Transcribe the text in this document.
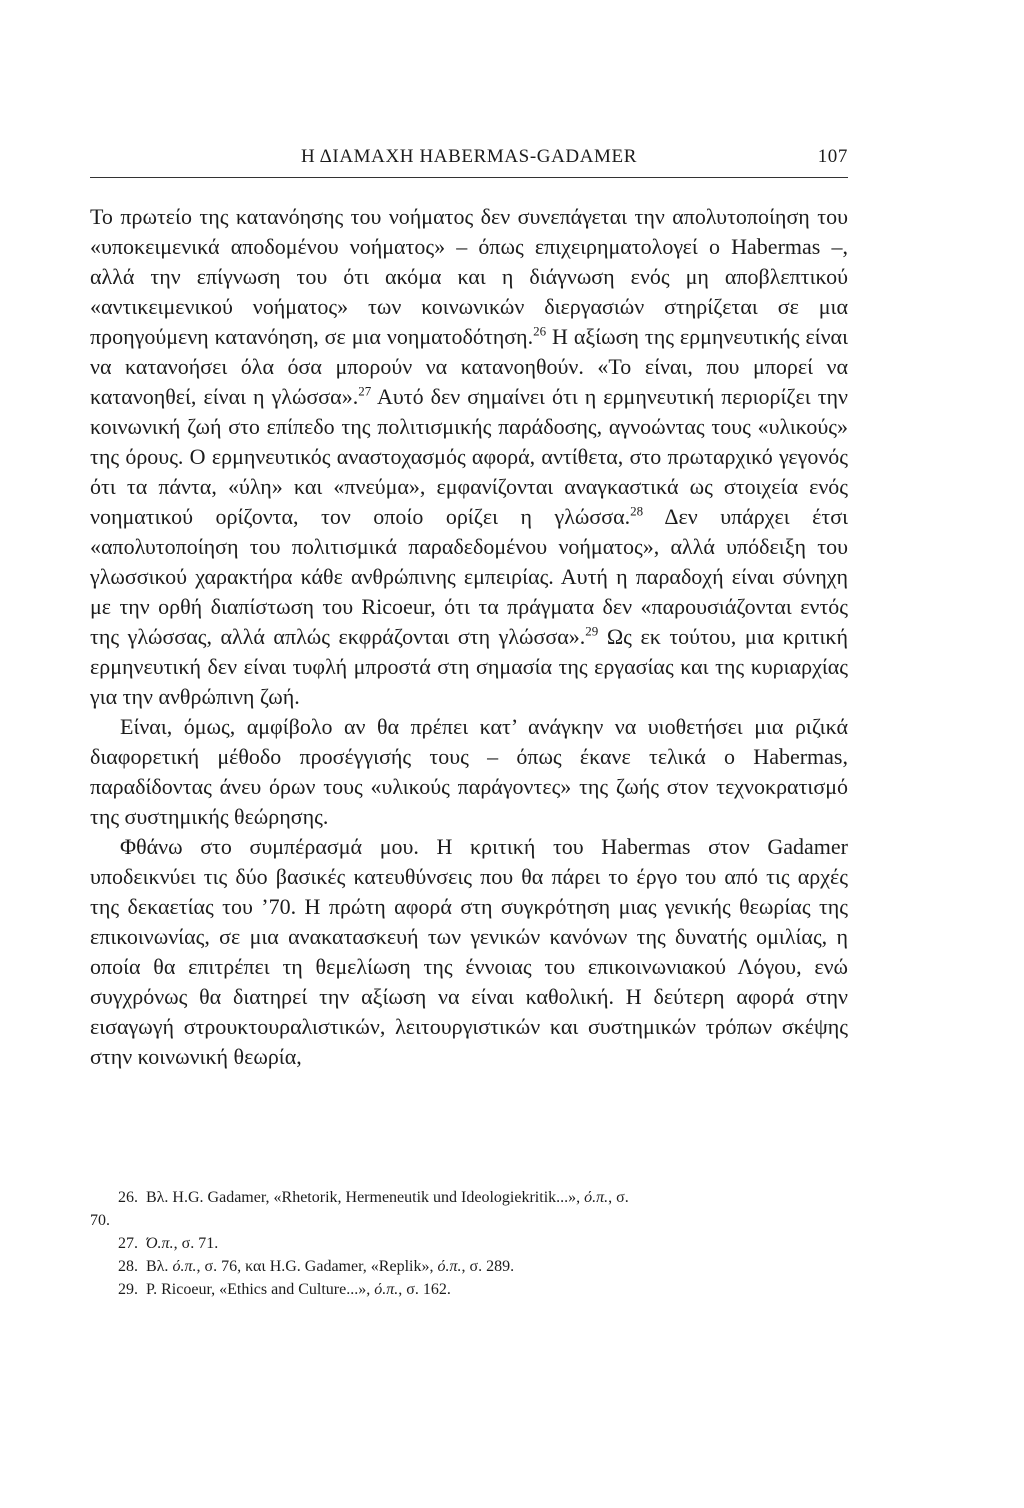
Η ΔΙΑΜΑΧΗ HABERMAS-GADAMER	107

Το πρωτείο της κατανόησης του νοήματος δεν συνεπάγεται την απολυτοποίηση του «υποκειμενικά αποδομένου νοήματος» – όπως επιχειρηματολογεί ο Habermas –, αλλά την επίγνωση του ότι ακόμα και η διάγνωση ενός μη αποβλεπτικού «αντικειμενικού νοήματος» των κοινωνικών διεργασιών στηρίζεται σε μια προηγούμενη κατανόηση, σε μια νοηματοδότηση.$^{26}$ Η αξίωση της ερμηνευτικής είναι να κατανοήσει όλα όσα μπορούν να κατανοηθούν. «Το είναι, που μπορεί να κατανοηθεί, είναι η γλώσσα».$^{27}$ Αυτό δεν σημαίνει ότι η ερμηνευτική περιορίζει την κοινωνική ζωή στο επίπεδο της πολιτισμικής παράδοσης, αγνοώντας τους «υλικούς» της όρους. Ο ερμηνευτικός αναστοχασμός αφορά, αντίθετα, στο πρωταρχικό γεγονός ότι τα πάντα, «ύλη» και «πνεύμα», εμφανίζονται αναγκαστικά ως στοιχεία ενός νοηματικού ορίζοντα, τον οποίο ορίζει η γλώσσα.$^{28}$ Δεν υπάρχει έτσι «απολυτοποίηση του πολιτισμικά παραδεδομένου νοήματος», αλλά υπόδειξη του γλωσσικού χαρακτήρα κάθε ανθρώπινης εμπειρίας. Αυτή η παραδοχή είναι σύνηχη με την ορθή διαπίστωση του Ricoeur, ότι τα πράγματα δεν «παρουσιάζονται εντός της γλώσσας, αλλά απλώς εκφράζονται στη γλώσσα».$^{29}$ Ως εκ τούτου, μια κριτική ερμηνευτική δεν είναι τυφλή μπροστά στη σημασία της εργασίας και της κυριαρχίας για την ανθρώπινη ζωή.

Είναι, όμως, αμφίβολο αν θα πρέπει κατ’ ανάγκην να υιοθετήσει μια ριζικά διαφορετική μέθοδο προσέγγισής τους – όπως έκανε τελικά ο Habermas, παραδίδοντας άνευ όρων τους «υλικούς παράγοντες» της ζωής στον τεχνοκρατισμό της συστημικής θεώρησης.

Φθάνω στο συμπέρασμά μου. Η κριτική του Habermas στον Gadamer υποδεικνύει τις δύο βασικές κατευθύνσεις που θα πάρει το έργο του από τις αρχές της δεκαετίας του ’70. Η πρώτη αφορά στη συγκρότηση μιας γενικής θεωρίας της επικοινωνίας, σε μια ανακατασκευή των γενικών κανόνων της δυνατής ομιλίας, η οποία θα επιτρέπει τη θεμελίωση της έννοιας του επικοινωνιακού Λόγου, ενώ συγχρόνως θα διατηρεί την αξίωση να είναι καθολική. Η δεύτερη αφορά στην εισαγωγή στρουκτουραλιστικών, λειτουργιστικών και συστημικών τρόπων σκέψης στην κοινωνική θεωρία,

26. Βλ. H.G. Gadamer, «Rhetorik, Hermeneutik und Ideologiekritik...», ό.π., σ.
70.
27. Ό.π., σ. 71.
28. Βλ. ό.π., σ. 76, και H.G. Gadamer, «Replik», ό.π., σ. 289.
29. P. Ricoeur, «Ethics and Culture...», ό.π., σ. 162.
